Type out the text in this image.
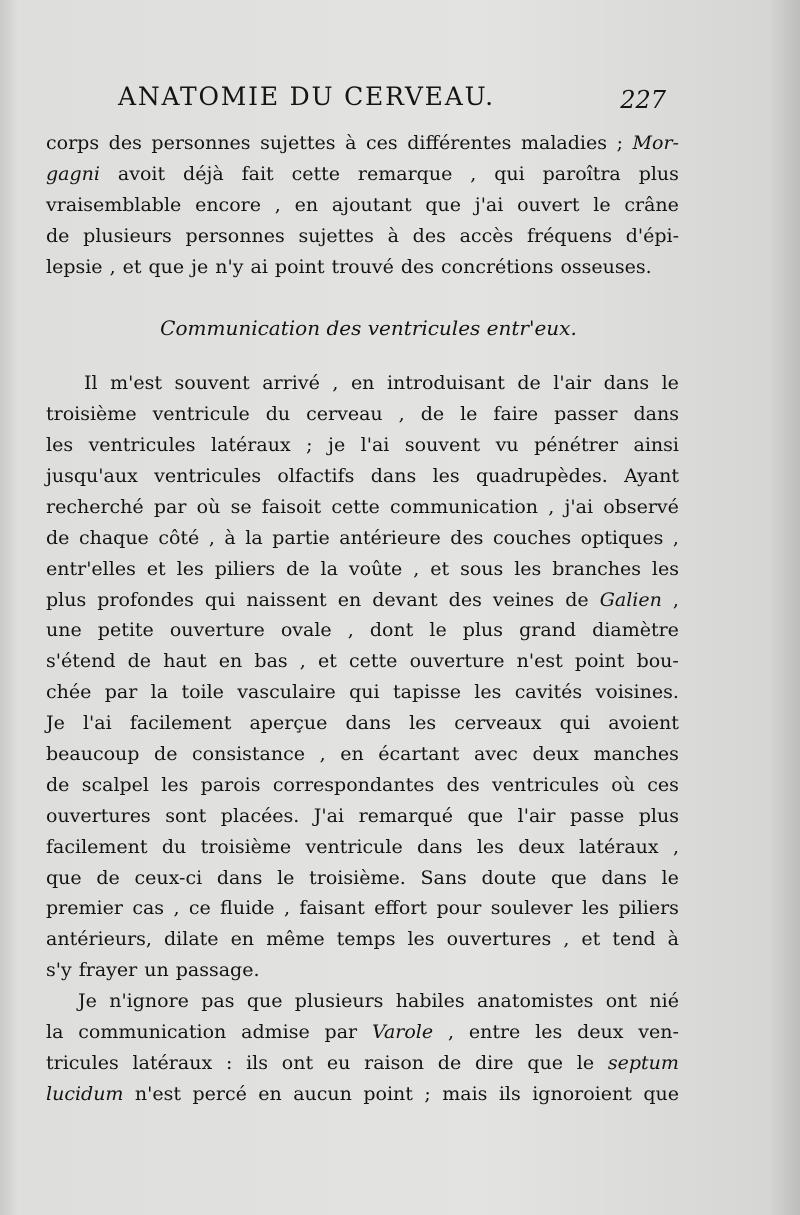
ANATOMIE DU CERVEAU.	227
corps des personnes sujettes à ces différentes maladies ; Mor-
gagni avoit déjà fait cette remarque , qui paroîtra plus
vraisemblable encore , en ajoutant que j'ai ouvert le crâne
de plusieurs personnes sujettes à des accès fréquens d'épi-
lepsie , et que je n'y ai point trouvé des concrétions osseuses.
Communication des ventricules entr'eux.
Il m'est souvent arrivé , en introduisant de l'air dans le
troisième ventricule du cerveau , de le faire passer dans
les ventricules latéraux ; je l'ai souvent vu pénétrer ainsi
jusqu'aux ventricules olfactifs dans les quadrupèdes. Ayant
recherché par où se faisoit cette communication , j'ai observé
de chaque côté , à la partie antérieure des couches optiques ,
entr'elles et les piliers de la voûte , et sous les branches les
plus profondes qui naissent en devant des veines de Galien ,
une petite ouverture ovale , dont le plus grand diamètre
s'étend de haut en bas , et cette ouverture n'est point bou-
chée par la toile vasculaire qui tapisse les cavités voisines.
Je l'ai facilement aperçue dans les cerveaux qui avoient
beaucoup de consistance , en écartant avec deux manches
de scalpel les parois correspondantes des ventricules où ces
ouvertures sont placées. J'ai remarqué que l'air passe plus
facilement du troisième ventricule dans les deux latéraux ,
que de ceux-ci dans le troisième. Sans doute que dans le
premier cas , ce fluide , faisant effort pour soulever les piliers
antérieurs, dilate en même temps les ouvertures , et tend à
s'y frayer un passage.
Je n'ignore pas que plusieurs habiles anatomistes ont nié
la communication admise par Varole , entre les deux ven-
tricules latéraux : ils ont eu raison de dire que le septum
lucidum n'est percé en aucun point ; mais ils ignoroient que
